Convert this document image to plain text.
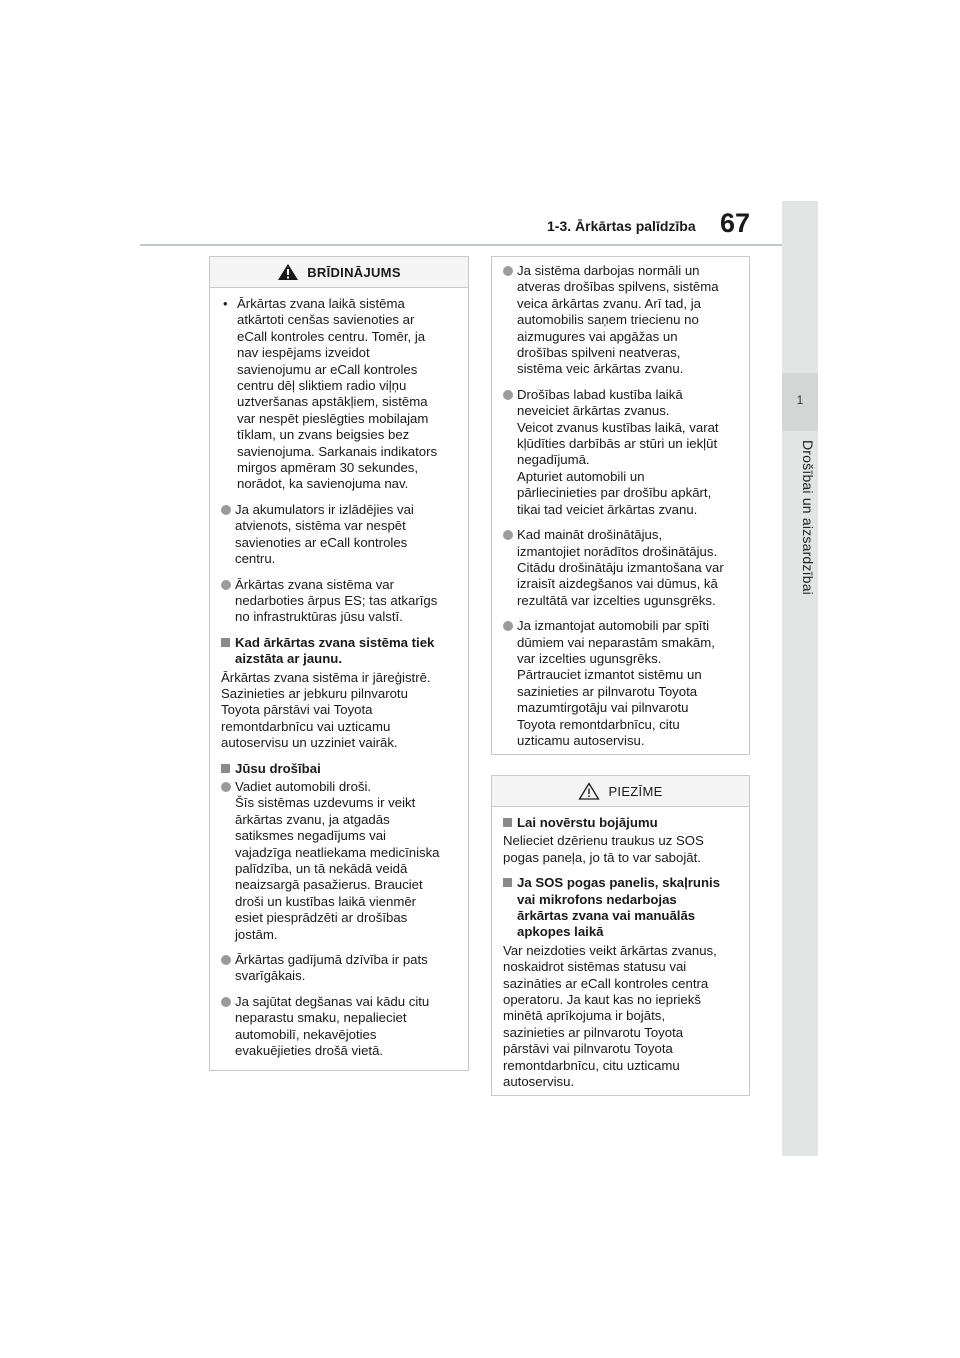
1-3. Ārkārtas palīdzība 67
1
Drošībai un aizsardzībai
BRĪDINĀJUMS
• Ārkārtas zvana laikā sistēma
atkārtoti cenšas savienoties ar
eCall kontroles centru. Tomēr, ja
nav iespējams izveidot
savienojumu ar eCall kontroles
centru dēļ sliktiem radio viļņu
uztveršanas apstākļiem, sistēma
var nespēt pieslēgties mobilajam
tīklam, un zvans beigsies bez
savienojuma. Sarkanais indikators
mirgos apmēram 30 sekundes,
norādot, ka savienojuma nav.
Ja akumulators ir izlādējies vai
atvienots, sistēma var nespēt
savienoties ar eCall kontroles
centru.
Ārkārtas zvana sistēma var
nedarboties ārpus ES; tas atkarīgs
no infrastruktūras jūsu valstī.
Kad ārkārtas zvana sistēma tiek
aizstāta ar jaunu.
Ārkārtas zvana sistēma ir jāreģistrē.
Sazinieties ar jebkuru pilnvarotu
Toyota pārstāvi vai Toyota
remontdarbnīcu vai uzticamu
autoservisu un uzziniet vairāk.
Jūsu drošībai
Vadiet automobili droši.
Šīs sistēmas uzdevums ir veikt
ārkārtas zvanu, ja atgadās
satiksmes negadījums vai
vajadzīga neatliekama medicīniska
palīdzība, un tā nekādā veidā
neaizsargā pasažierus. Brauciet
droši un kustības laikā vienmēr
esiet piesprādzēti ar drošības
jostām.
Ārkārtas gadījumā dzīvība ir pats
svarīgākais.
Ja sajūtat degšanas vai kādu citu
neparastu smaku, nepalieciet
automobilī, nekavējoties
evakuējieties drošā vietā.
Ja sistēma darbojas normāli un
atveras drošības spilvens, sistēma
veica ārkārtas zvanu. Arī tad, ja
automobilis saņem triecienu no
aizmugures vai apgāžas un
drošības spilveni neatveras,
sistēma veic ārkārtas zvanu.
Drošības labad kustība laikā
neveiciet ārkārtas zvanus.
Veicot zvanus kustības laikā, varat
kļūdīties darbībās ar stūri un iekļūt
negadījumā.
Apturiet automobili un
pārliecinieties par drošību apkārt,
tikai tad veiciet ārkārtas zvanu.
Kad maināt drošinātājus,
izmantojiet norādītos drošinātājus.
Citādu drošinātāju izmantošana var
izraisīt aizdegšanos vai dūmus, kā
rezultātā var izcelties ugunsgrēks.
Ja izmantojat automobili par spīti
dūmiem vai neparastām smakām,
var izcelties ugunsgrēks.
Pārtrauciet izmantot sistēmu un
sazinieties ar pilnvarotu Toyota
mazumtirgotāju vai pilnvarotu
Toyota remontdarbnīcu, citu
uzticamu autoservisu.
PIEZĪME
Lai novērstu bojājumu
Nelieciet dzērienu traukus uz SOS
pogas paneļa, jo tā to var sabojāt.
Ja SOS pogas panelis, skaļrunis
vai mikrofons nedarbojas
ārkārtas zvana vai manuālās
apkopes laikā
Var neizdoties veikt ārkārtas zvanus,
noskaidrot sistēmas statusu vai
sazināties ar eCall kontroles centra
operatoru. Ja kaut kas no iepriekš
minētā aprīkojuma ir bojāts,
sazinieties ar pilnvarotu Toyota
pārstāvi vai pilnvarotu Toyota
remontdarbnīcu, citu uzticamu
autoservisu.
